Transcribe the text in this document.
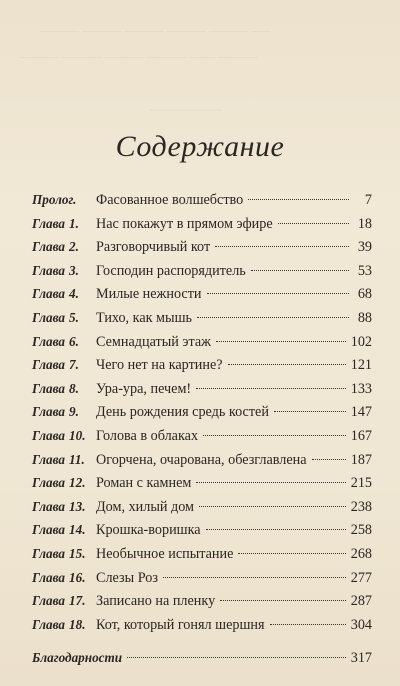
___ ______ ______ ______ ______ ______
______ ____ ______ ______ ______ ______
________
Содержание
Пролог. Фасованное волшебство	7
Глава 1. Нас покажут в прямом эфире	18
Глава 2. Разговорчивый кот	39
Глава 3. Господин распорядитель	53
Глава 4. Милые нежности	68
Глава 5. Тихо, как мышь	88
Глава 6. Семнадцатый этаж	102
Глава 7. Чего нет на картине?	121
Глава 8. Ура-ура, печем!	133
Глава 9. День рождения средь костей	147
Глава 10. Голова в облаках	167
Глава 11. Огорчена, очарована, обезглавлена	187
Глава 12. Роман с камнем	215
Глава 13. Дом, хилый дом	238
Глава 14. Крошка-воришка	258
Глава 15. Необычное испытание	268
Глава 16. Слезы Роз	277
Глава 17. Записано на пленку	287
Глава 18. Кот, который гонял шершня	304
Благодарности	317
